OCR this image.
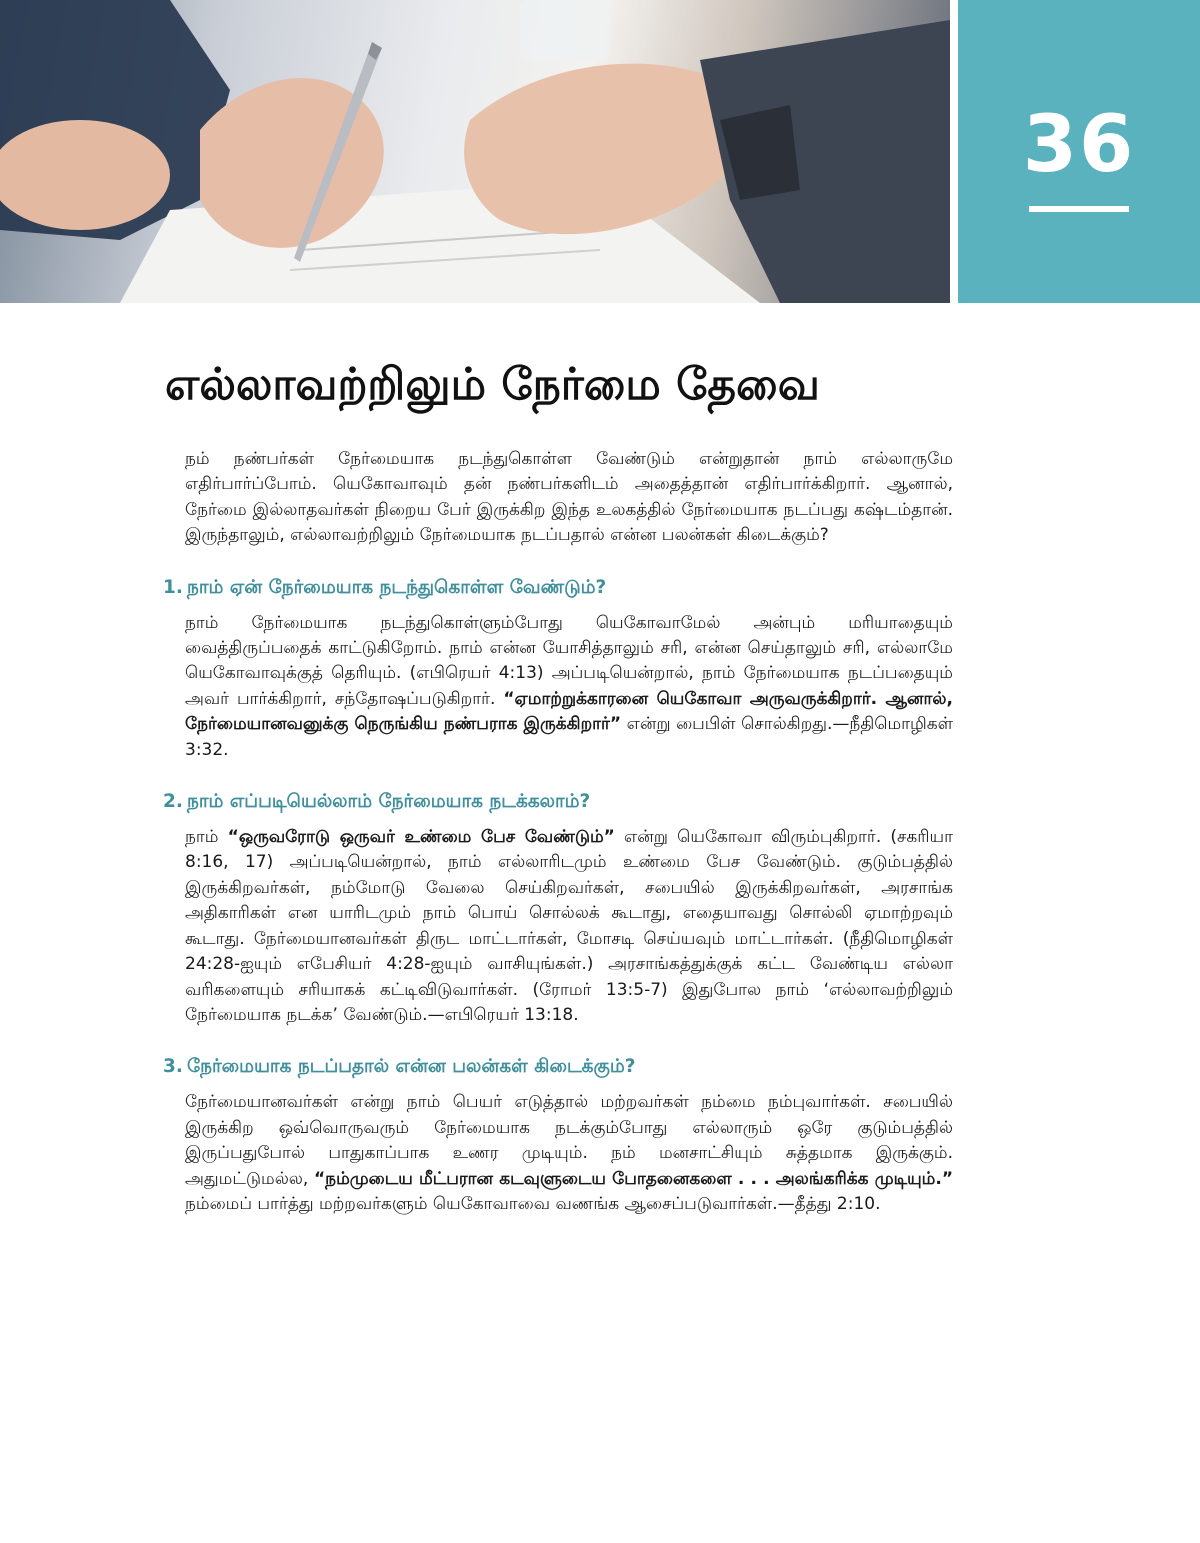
36
எல்லாவற்றிலும் நேர்மை தேவை

நம் நண்பர்கள் நேர்மையாக நடந்துகொள்ள வேண்டும் என்றுதான் நாம் எல்லாருமே எதிர்பார்ப்போம். யெகோவாவும் தன் நண்பர்களிடம் அதைத்தான் எதிர்பார்க்கிறார். ஆனால், நேர்மை இல்லாதவர்கள் நிறைய பேர் இருக்கிற இந்த உலகத்தில் நேர்மையாக நடப்பது கஷ்டம்தான். இருந்தாலும், எல்லாவற்றிலும் நேர்மையாக நடப்பதால் என்ன பலன்கள் கிடைக்கும்?

1. நாம் ஏன் நேர்மையாக நடந்துகொள்ள வேண்டும்?

நாம் நேர்மையாக நடந்துகொள்ளும்போது யெகோவாமேல் அன்பும் மரியாதையும் வைத்திருப்பதைக் காட்டுகிறோம். நாம் என்ன யோசித்தாலும் சரி, என்ன செய்தாலும் சரி, எல்லாமே யெகோவாவுக்குத் தெரியும். (எபிரெயர் 4:13) அப்படியென்றால், நாம் நேர்மையாக நடப்பதையும் அவர் பார்க்கிறார், சந்தோஷப்படுகிறார். “ஏமாற்றுக்காரனை யெகோவா அருவருக்கிறார். ஆனால், நேர்மையானவனுக்கு நெருங்கிய நண்பராக இருக்கிறார்” என்று பைபிள் சொல்கிறது.—நீதிமொழிகள் 3:32.

2. நாம் எப்படியெல்லாம் நேர்மையாக நடக்கலாம்?

நாம் “ஒருவரோடு ஒருவர் உண்மை பேச வேண்டும்” என்று யெகோவா விரும்புகிறார். (சகரியா 8:16, 17) அப்படியென்றால், நாம் எல்லாரிடமும் உண்மை பேச வேண்டும். குடும்பத்தில் இருக்கிறவர்கள், நம்மோடு வேலை செய்கிறவர்கள், சபையில் இருக்கிறவர்கள், அரசாங்க அதிகாரிகள் என யாரிடமும் நாம் பொய் சொல்லக் கூடாது, எதையாவது சொல்லி ஏமாற்றவும் கூடாது. நேர்மையானவர்கள் திருட மாட்டார்கள், மோசடி செய்யவும் மாட்டார்கள். (நீதிமொழிகள் 24:28-ஐயும் எபேசியர் 4:28-ஐயும் வாசியுங்கள்.) அரசாங்கத்துக்குக் கட்ட வேண்டிய எல்லா வரிகளையும் சரியாகக் கட்டிவிடுவார்கள். (ரோமர் 13:5-7) இதுபோல நாம் ‘எல்லாவற்றிலும் நேர்மையாக நடக்க’ வேண்டும்.—எபிரெயர் 13:18.

3. நேர்மையாக நடப்பதால் என்ன பலன்கள் கிடைக்கும்?

நேர்மையானவர்கள் என்று நாம் பெயர் எடுத்தால் மற்றவர்கள் நம்மை நம்புவார்கள். சபையில் இருக்கிற ஒவ்வொருவரும் நேர்மையாக நடக்கும்போது எல்லாரும் ஒரே குடும்பத்தில் இருப்பதுபோல் பாதுகாப்பாக உணர முடியும். நம் மனசாட்சியும் சுத்தமாக இருக்கும். அதுமட்டுமல்ல, “நம்முடைய மீட்பரான கடவுளுடைய போதனைகளை . . . அலங்கரிக்க முடியும்.” நம்மைப் பார்த்து மற்றவர்களும் யெகோவாவை வணங்க ஆசைப்படுவார்கள்.—தீத்து 2:10.
